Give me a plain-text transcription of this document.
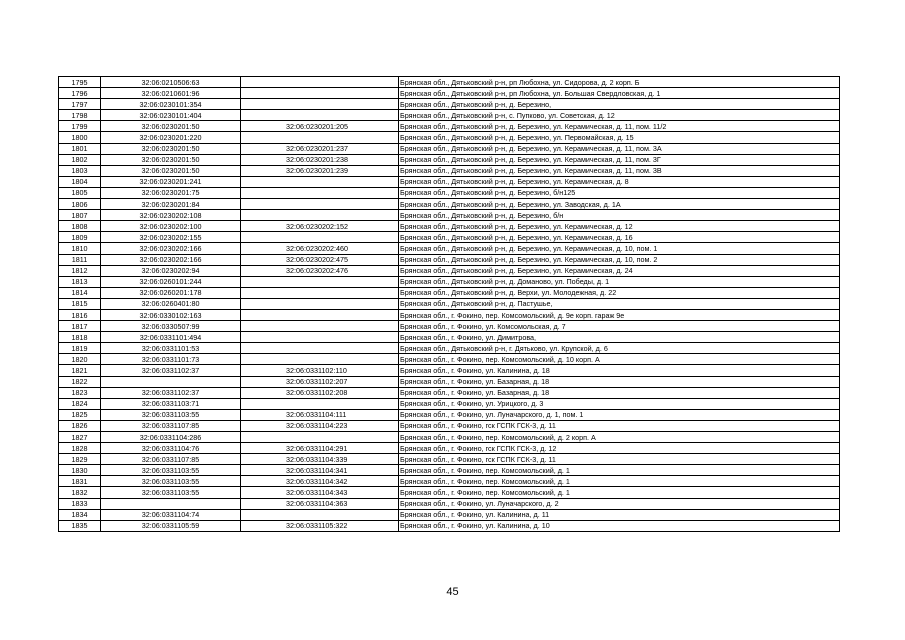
1795	32:06:0210506:63		Брянская обл., Дятьковский р-н, рп Любохна, ул. Сидорова, д. 2 корп. Б
1796	32:06:0210601:96		Брянская обл., Дятьковский р-н, рп Любохна, ул. Большая Свердловская, д. 1
1797	32:06:0230101:354		Брянская обл., Дятьковский р-н, д. Березино,
1798	32:06:0230101:404		Брянская обл., Дятьковский р-н, с. Пупково, ул. Советская, д. 12
1799	32:06:0230201:50	32:06:0230201:205	Брянская обл., Дятьковский р-н, д. Березино, ул. Керамическая, д. 11, пом. 11/2
1800	32:06:0230201:220		Брянская обл., Дятьковский р-н, д. Березино, ул. Первомайская, д. 15
1801	32:06:0230201:50	32:06:0230201:237	Брянская обл., Дятьковский р-н, д. Березино, ул. Керамическая, д. 11, пом. 3А
1802	32:06:0230201:50	32:06:0230201:238	Брянская обл., Дятьковский р-н, д. Березино, ул. Керамическая, д. 11, пом. 3Г
1803	32:06:0230201:50	32:06:0230201:239	Брянская обл., Дятьковский р-н, д. Березино, ул. Керамическая, д. 11, пом. 3В
1804	32:06:0230201:241		Брянская обл., Дятьковский р-н, д. Березино, ул. Керамическая, д. 8
1805	32:06:0230201:75		Брянская обл., Дятьковский р-н, д. Березино, б/н125
1806	32:06:0230201:84		Брянская обл., Дятьковский р-н, д. Березино, ул. Заводская, д. 1А
1807	32:06:0230202:108		Брянская обл., Дятьковский р-н, д. Березино, б/н
1808	32:06:0230202:100	32:06:0230202:152	Брянская обл., Дятьковский р-н, д. Березино, ул. Керамическая, д. 12
1809	32:06:0230202:155		Брянская обл., Дятьковский р-н, д. Березино, ул. Керамическая, д. 16
1810	32:06:0230202:166	32:06:0230202:460	Брянская обл., Дятьковский р-н, д. Березино, ул. Керамическая, д. 10, пом. 1
1811	32:06:0230202:166	32:06:0230202:475	Брянская обл., Дятьковский р-н, д. Березино, ул. Керамическая, д. 10, пом. 2
1812	32:06:0230202:94	32:06:0230202:476	Брянская обл., Дятьковский р-н, д. Березино, ул. Керамическая, д. 24
1813	32:06:0260101:244		Брянская обл., Дятьковский р-н, д. Доманово, ул. Победы, д. 1
1814	32:06:0260201:178		Брянская обл., Дятьковский р-н, д. Верхи, ул. Молодежная, д. 22
1815	32:06:0260401:80		Брянская обл., Дятьковский р-н, д. Пастушье,
1816	32:06:0330102:163		Брянская обл., г. Фокино, пер. Комсомольский, д. 9е корп. гараж 9е
1817	32:06:0330507:99		Брянская обл., г. Фокино, ул. Комсомольская, д. 7
1818	32:06:0331101:494		Брянская обл., г. Фокино, ул. Димитрова,
1819	32:06:0331101:53		Брянская обл., Дятьковский р-н, г. Дятьково, ул. Крупской, д. 6
1820	32:06:0331101:73		Брянская обл., г. Фокино, пер. Комсомольский, д. 10 корп. А
1821	32:06:0331102:37	32:06:0331102:110	Брянская обл., г. Фокино, ул. Калинина, д. 18
1822		32:06:0331102:207	Брянская обл., г. Фокино, ул. Базарная, д. 18
1823	32:06:0331102:37	32:06:0331102:208	Брянская обл., г. Фокино, ул. Базарная, д. 18
1824	32:06:0331103:71		Брянская обл., г. Фокино, ул. Урицкого, д. 3
1825	32:06:0331103:55	32:06:0331104:111	Брянская обл., г. Фокино, ул. Луначарского, д. 1, пом. 1
1826	32:06:0331107:85	32:06:0331104:223	Брянская обл., г. Фокино, гск ГСПК ГСК-3, д. 11
1827	32:06:0331104:286		Брянская обл., г. Фокино, пер. Комсомольский, д. 2 корп. А
1828	32:06:0331104:76	32:06:0331104:291	Брянская обл., г. Фокино, гск ГСПК ГСК-3, д. 12
1829	32:06:0331107:85	32:06:0331104:339	Брянская обл., г. Фокино, гск ГСПК ГСК-3, д. 11
1830	32:06:0331103:55	32:06:0331104:341	Брянская обл., г. Фокино, пер. Комсомольский, д. 1
1831	32:06:0331103:55	32:06:0331104:342	Брянская обл., г. Фокино, пер. Комсомольский, д. 1
1832	32:06:0331103:55	32:06:0331104:343	Брянская обл., г. Фокино, пер. Комсомольский, д. 1
1833		32:06:0331104:363	Брянская обл., г. Фокино, ул. Луначарского, д. 2
1834	32:06:0331104:74		Брянская обл., г. Фокино, ул. Калинина, д. 11
1835	32:06:0331105:59	32:06:0331105:322	Брянская обл., г. Фокино, ул. Калинина, д. 10
45
